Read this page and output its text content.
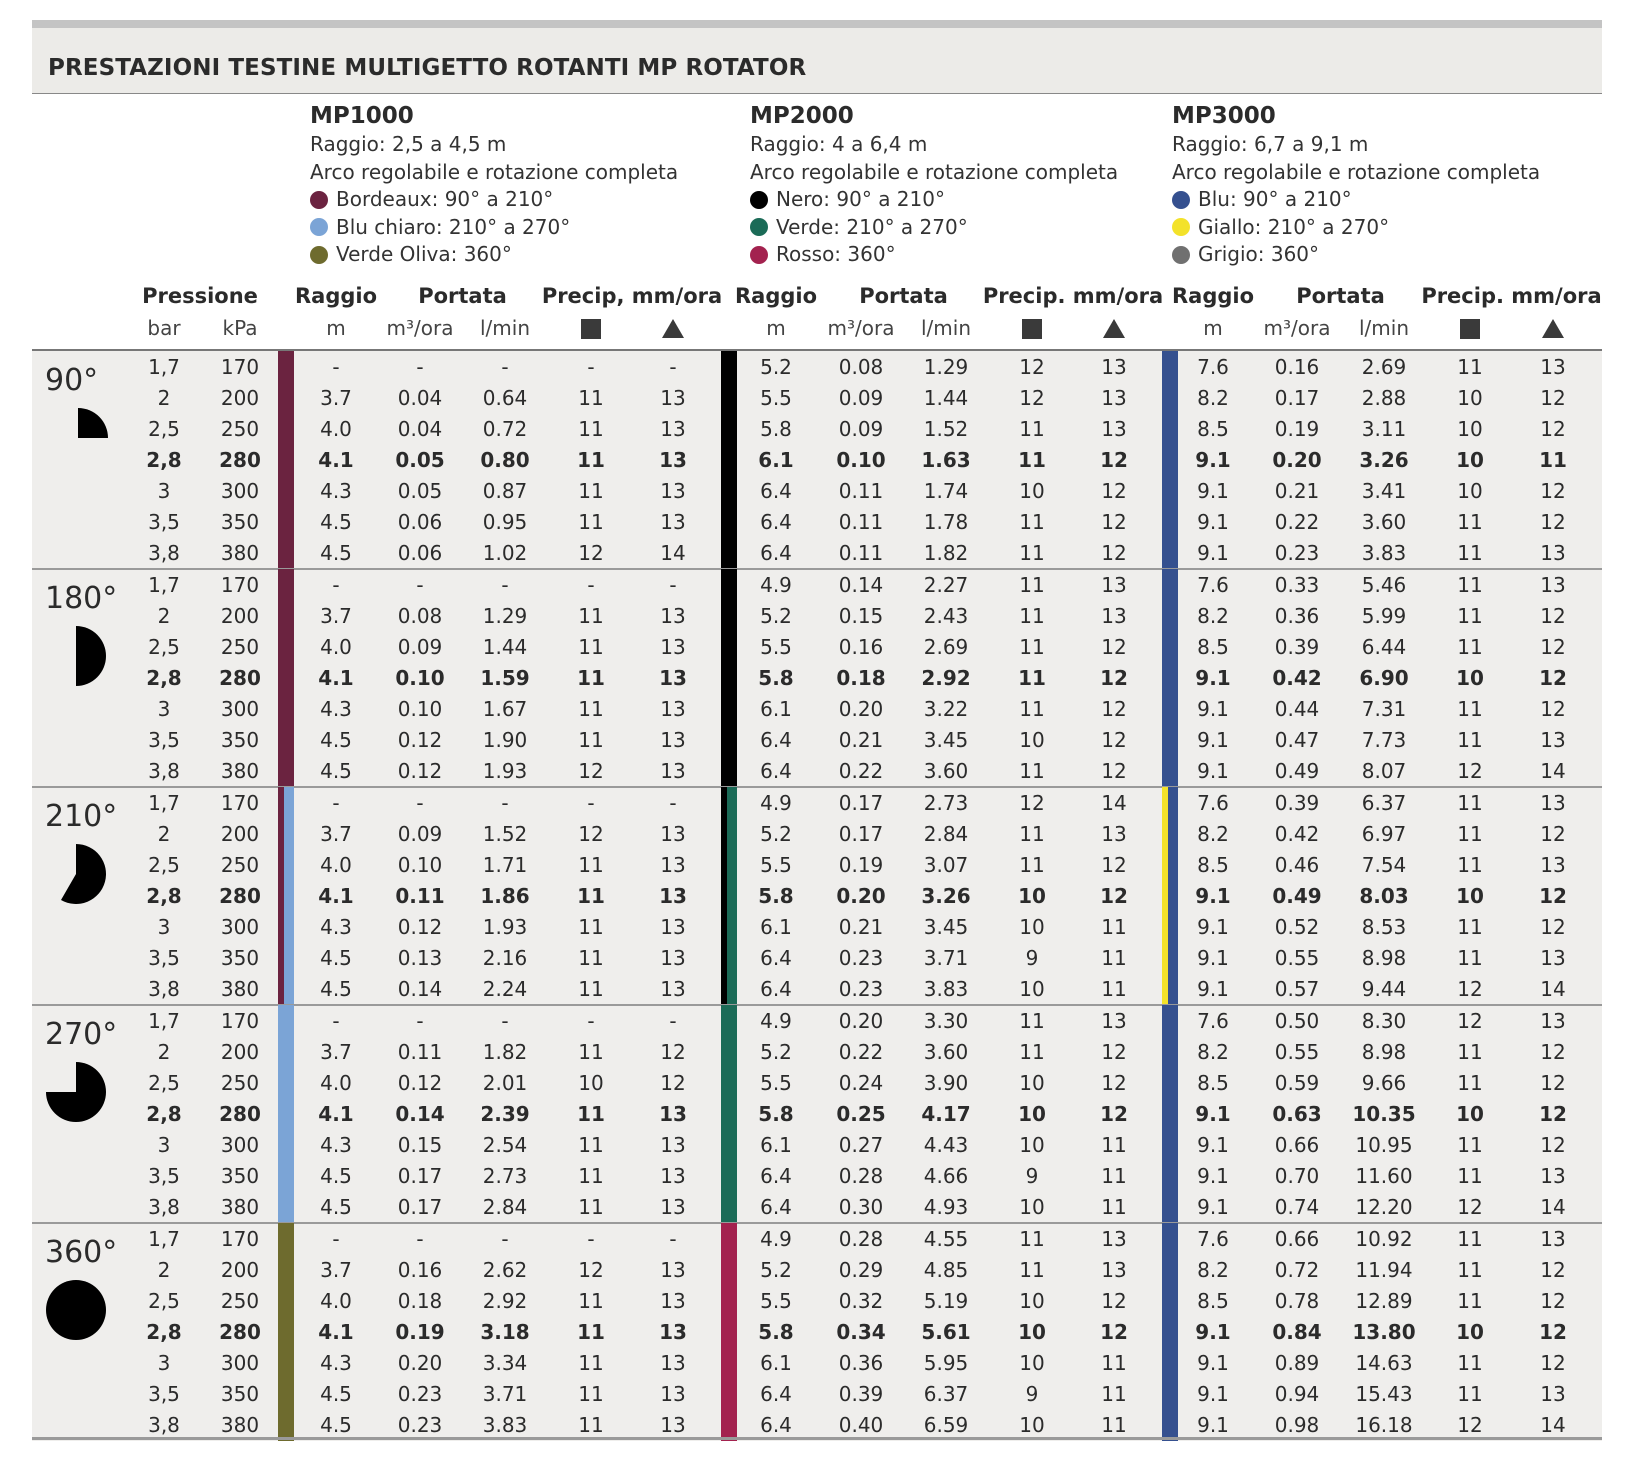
PRESTAZIONI TESTINE MULTIGETTO ROTANTI MP ROTATOR
MP1000
Raggio: 2,5 a 4,5 m
Arco regolabile e rotazione completa
Bordeaux: 90° a 210°
Blu chiaro: 210° a 270°
Verde Oliva: 360°
MP2000
Raggio: 4 a 6,4 m
Arco regolabile e rotazione completa
Nero: 90° a 210°
Verde: 210° a 270°
Rosso: 360°
MP3000
Raggio: 6,7 a 9,1 m
Arco regolabile e rotazione completa
Blu: 90° a 210°
Giallo: 210° a 270°
Grigio: 360°
Pressione
bar	kPa
Raggio	Portata	Precip, mm/ora
m	m³/ora	l/min
Raggio	Portata	Precip. mm/ora
m	m³/ora	l/min
Raggio	Portata	Precip. mm/ora
m	m³/ora	l/min
90°	1,7	170	-	-	-	-	-	5.2	0.08	1.29	12	13	7.6	0.16	2.69	11	13
2	200	3.7	0.04	0.64	11	13	5.5	0.09	1.44	12	13	8.2	0.17	2.88	10	12
2,5	250	4.0	0.04	0.72	11	13	5.8	0.09	1.52	11	13	8.5	0.19	3.11	10	12
2,8	280	4.1	0.05	0.80	11	13	6.1	0.10	1.63	11	12	9.1	0.20	3.26	10	11
3	300	4.3	0.05	0.87	11	13	6.4	0.11	1.74	10	12	9.1	0.21	3.41	10	12
3,5	350	4.5	0.06	0.95	11	13	6.4	0.11	1.78	11	12	9.1	0.22	3.60	11	12
3,8	380	4.5	0.06	1.02	12	14	6.4	0.11	1.82	11	12	9.1	0.23	3.83	11	13
180°	1,7	170	-	-	-	-	-	4.9	0.14	2.27	11	13	7.6	0.33	5.46	11	13
2	200	3.7	0.08	1.29	11	13	5.2	0.15	2.43	11	13	8.2	0.36	5.99	11	12
2,5	250	4.0	0.09	1.44	11	13	5.5	0.16	2.69	11	12	8.5	0.39	6.44	11	12
2,8	280	4.1	0.10	1.59	11	13	5.8	0.18	2.92	11	12	9.1	0.42	6.90	10	12
3	300	4.3	0.10	1.67	11	13	6.1	0.20	3.22	11	12	9.1	0.44	7.31	11	12
3,5	350	4.5	0.12	1.90	11	13	6.4	0.21	3.45	10	12	9.1	0.47	7.73	11	13
3,8	380	4.5	0.12	1.93	12	13	6.4	0.22	3.60	11	12	9.1	0.49	8.07	12	14
210°	1,7	170	-	-	-	-	-	4.9	0.17	2.73	12	14	7.6	0.39	6.37	11	13
2	200	3.7	0.09	1.52	12	13	5.2	0.17	2.84	11	13	8.2	0.42	6.97	11	12
2,5	250	4.0	0.10	1.71	11	13	5.5	0.19	3.07	11	12	8.5	0.46	7.54	11	13
2,8	280	4.1	0.11	1.86	11	13	5.8	0.20	3.26	10	12	9.1	0.49	8.03	10	12
3	300	4.3	0.12	1.93	11	13	6.1	0.21	3.45	10	11	9.1	0.52	8.53	11	12
3,5	350	4.5	0.13	2.16	11	13	6.4	0.23	3.71	9	11	9.1	0.55	8.98	11	13
3,8	380	4.5	0.14	2.24	11	13	6.4	0.23	3.83	10	11	9.1	0.57	9.44	12	14
270°	1,7	170	-	-	-	-	-	4.9	0.20	3.30	11	13	7.6	0.50	8.30	12	13
2	200	3.7	0.11	1.82	11	12	5.2	0.22	3.60	11	12	8.2	0.55	8.98	11	12
2,5	250	4.0	0.12	2.01	10	12	5.5	0.24	3.90	10	12	8.5	0.59	9.66	11	12
2,8	280	4.1	0.14	2.39	11	13	5.8	0.25	4.17	10	12	9.1	0.63	10.35	10	12
3	300	4.3	0.15	2.54	11	13	6.1	0.27	4.43	10	11	9.1	0.66	10.95	11	12
3,5	350	4.5	0.17	2.73	11	13	6.4	0.28	4.66	9	11	9.1	0.70	11.60	11	13
3,8	380	4.5	0.17	2.84	11	13	6.4	0.30	4.93	10	11	9.1	0.74	12.20	12	14
360°	1,7	170	-	-	-	-	-	4.9	0.28	4.55	11	13	7.6	0.66	10.92	11	13
2	200	3.7	0.16	2.62	12	13	5.2	0.29	4.85	11	13	8.2	0.72	11.94	11	12
2,5	250	4.0	0.18	2.92	11	13	5.5	0.32	5.19	10	12	8.5	0.78	12.89	11	12
2,8	280	4.1	0.19	3.18	11	13	5.8	0.34	5.61	10	12	9.1	0.84	13.80	10	12
3	300	4.3	0.20	3.34	11	13	6.1	0.36	5.95	10	11	9.1	0.89	14.63	11	12
3,5	350	4.5	0.23	3.71	11	13	6.4	0.39	6.37	9	11	9.1	0.94	15.43	11	13
3,8	380	4.5	0.23	3.83	11	13	6.4	0.40	6.59	10	11	9.1	0.98	16.18	12	14
